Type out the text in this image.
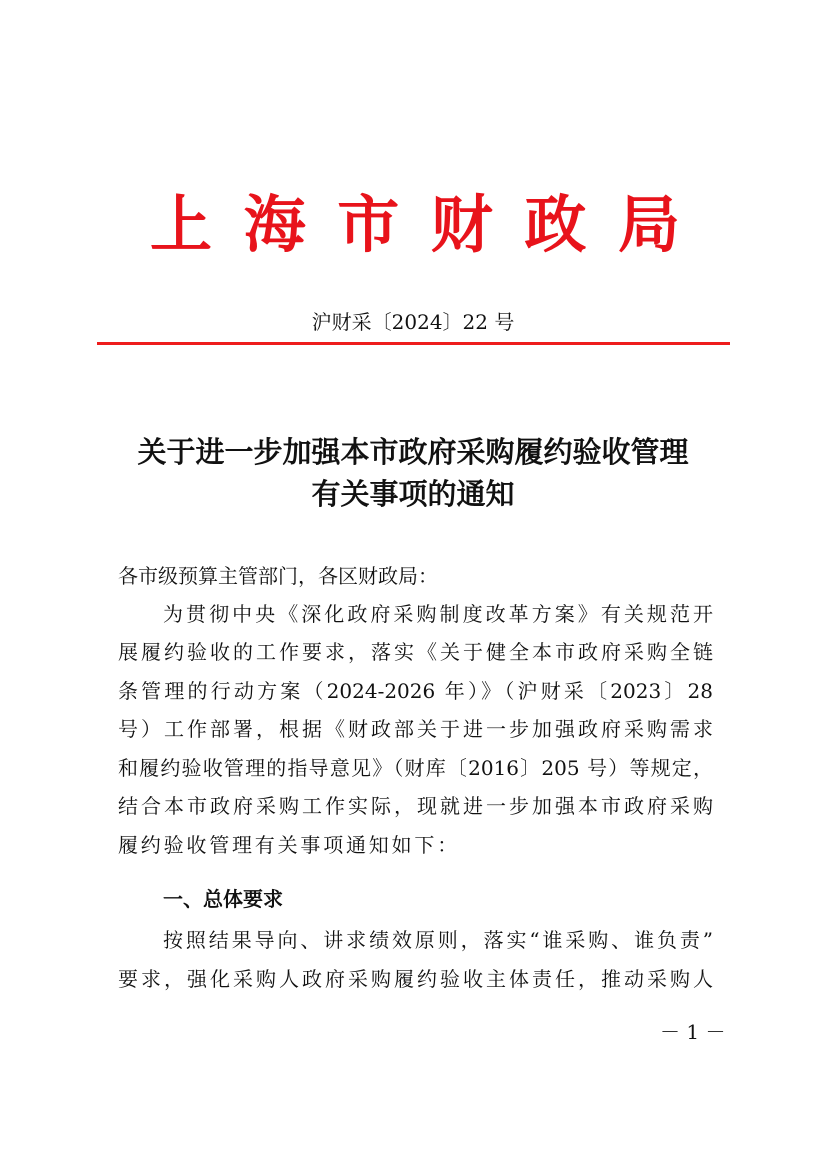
上 海 市 财 政 局
沪财采〔2024〕22 号
关于进一步加强本市政府采购履约验收管理
有关事项的通知
各市级预算主管部门，各区财政局：
为贯彻中央《深化政府采购制度改革方案》有关规范开
展履约验收的工作要求，落实《关于健全本市政府采购全链
条管理的行动方案（2024-2026 年）》（沪财采〔2023〕28
号）工作部署，根据《财政部关于进一步加强政府采购需求
和履约验收管理的指导意见》（财库〔2016〕205 号）等规定，
结合本市政府采购工作实际，现就进一步加强本市政府采购
履约验收管理有关事项通知如下：
一、总体要求
按照结果导向、讲求绩效原则，落实“谁采购、谁负责”
要求，强化采购人政府采购履约验收主体责任，推动采购人
－ 1 －
